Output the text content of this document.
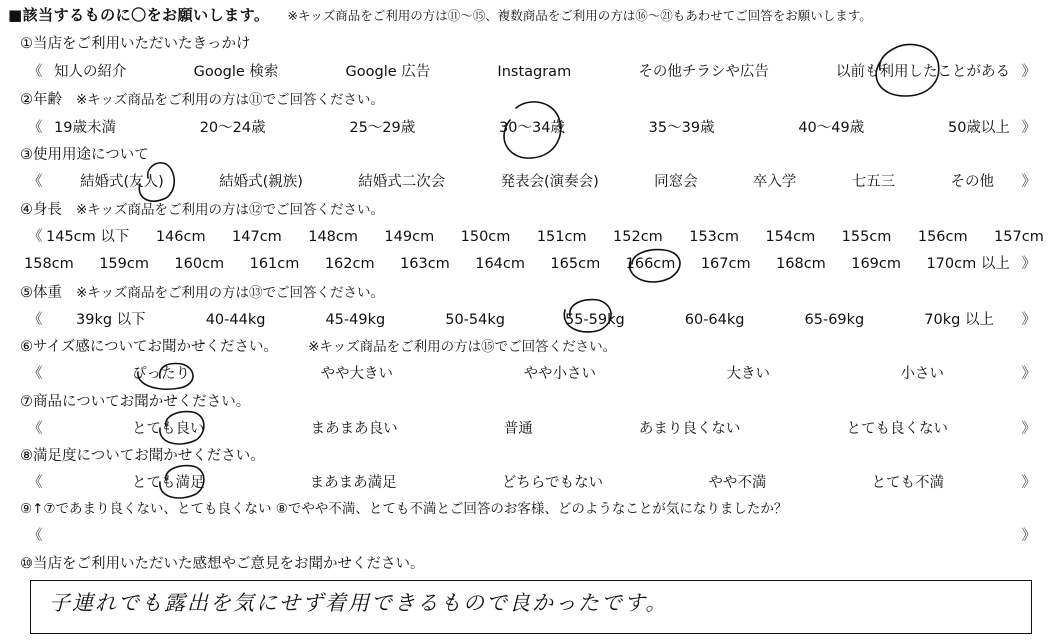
■該当するものに〇をお願いします。 ※キッズ商品をご利用の方は⑪〜⑮、複数商品をご利用の方は⑯〜㉑もあわせてご回答をお願いします。
①当店をご利用いただいたきっかけ
《 知人の紹介	Google 検索	Google 広告	Instagram	その他チラシや広告	以前も利用したことがある 》
②年齢 ※キッズ商品をご利用の方は⑪でご回答ください。
《 19歳未満	20〜24歳	25〜29歳	30〜34歳	35〜39歳	40〜49歳	50歳以上 》
③使用用途について
《	結婚式(友人)	結婚式(親族)	結婚式二次会	発表会(演奏会)	同窓会	卒入学	七五三	その他 》
④身長 ※キッズ商品をご利用の方は⑫でご回答ください。
《 145cm 以下 146cm 147cm 148cm 149cm 150cm 151cm 152cm 153cm 154cm 155cm 156cm 157cm
158cm 159cm 160cm 161cm 162cm 163cm 164cm 165cm 166cm 167cm 168cm 169cm 170cm 以上 》
⑤体重 ※キッズ商品をご利用の方は⑬でご回答ください。
《 39kg 以下	40-44kg	45-49kg	50-54kg	55-59kg	60-64kg	65-69kg	70kg 以上 》
⑥サイズ感についてお聞かせください。 ※キッズ商品をご利用の方は⑮でご回答ください。
《	ぴったり	やや大きい	やや小さい	大きい	小さい	》
⑦商品についてお聞かせください。
《	とても良い	まあまあ良い	普通	あまり良くない	とても良くない	》
⑧満足度についてお聞かせください。
《	とても満足	まあまあ満足	どちらでもない	やや不満	とても不満	》
⑨↑⑦であまり良くない、とても良くない ⑧でやや不満、とても不満とご回答のお客様、どのようなことが気になりましたか？
《	》
⑩当店をご利用いただいた感想やご意見をお聞かせください。
子連れでも露出を気にせず着用できるもので良かったです。
